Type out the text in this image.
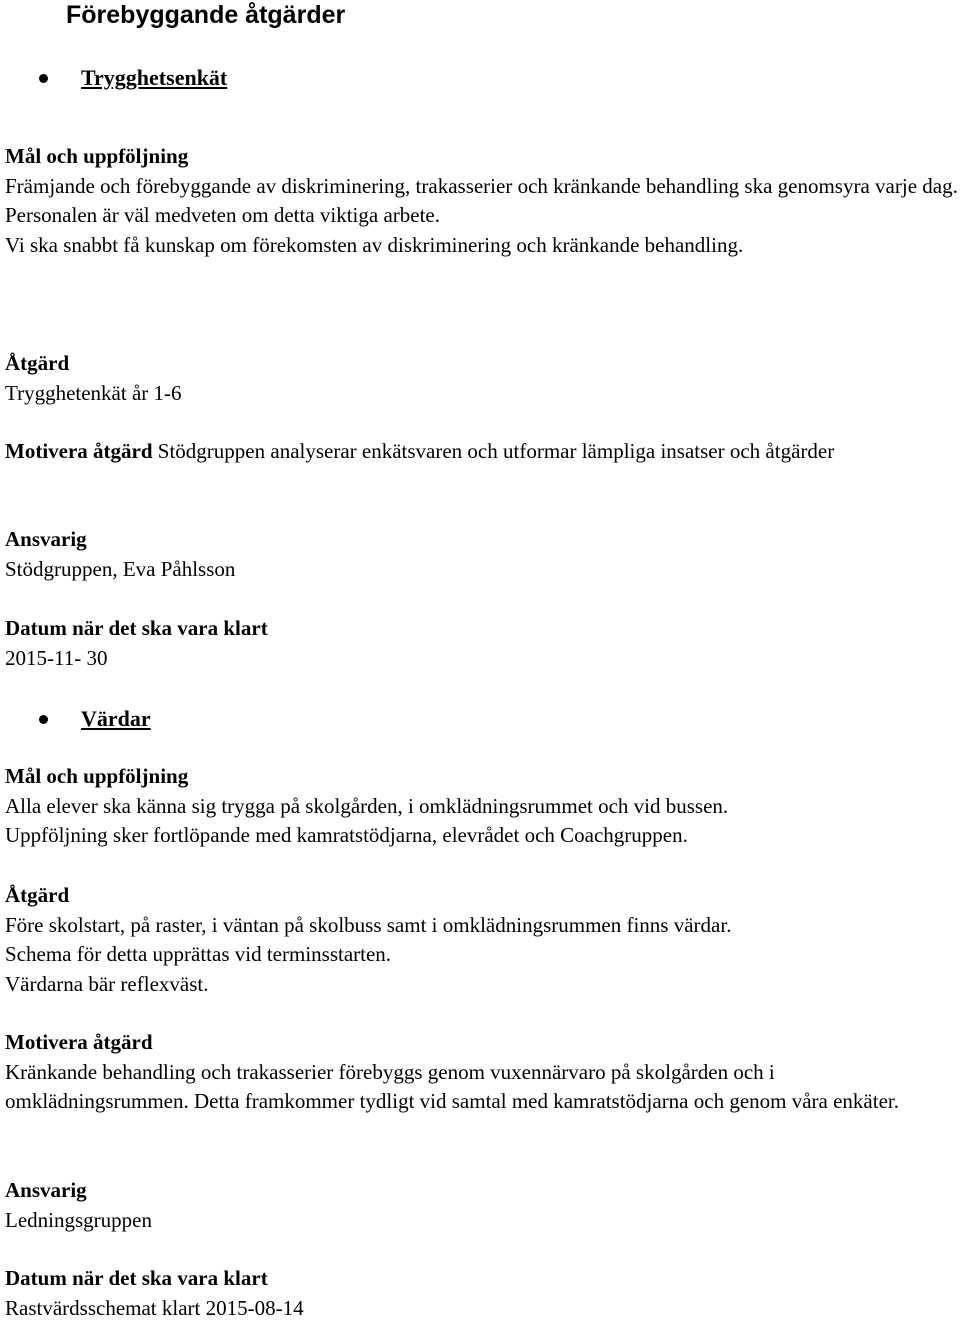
Förebyggande åtgärder
Trygghetsenkät

Mål och uppföljning

Främjande och förebyggande av diskriminering, trakasserier och kränkande behandling ska genomsyra varje dag.

Personalen är väl medveten om detta viktiga arbete.

Vi ska snabbt få kunskap om förekomsten av diskriminering och kränkande behandling.

Åtgärd

Trygghetenkät år 1-6

Motivera åtgärd Stödgruppen analyserar enkätsvaren och utformar lämpliga insatser och åtgärder

Ansvarig

Stödgruppen, Eva Påhlsson

Datum när det ska vara klart

2015-11- 30

Värdar

Mål och uppföljning

Alla elever ska känna sig trygga på skolgården, i omklädningsrummet och vid bussen.

Uppföljning sker fortlöpande med kamratstödjarna, elevrådet och Coachgruppen.

Åtgärd

Före skolstart, på raster, i väntan på skolbuss samt i omklädningsrummen finns värdar.

Schema för detta upprättas vid terminsstarten.

Värdarna bär reflexväst.

Motivera åtgärd

Kränkande behandling och trakasserier förebyggs genom vuxennärvaro på skolgården och i omklädningsrummen. Detta framkommer tydligt vid samtal med kamratstödjarna och genom våra enkäter.

Ansvarig

Ledningsgruppen

Datum när det ska vara klart

Rastvärdsschemat klart 2015-08-14
